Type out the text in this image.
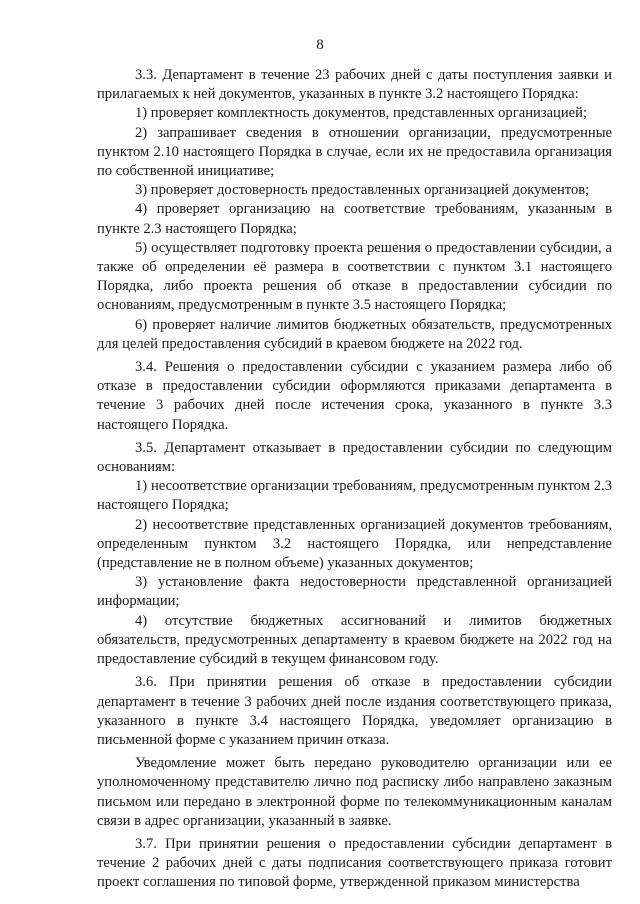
8

3.3. Департамент в течение 23 рабочих дней с даты поступления заявки и прилагаемых к ней документов, указанных в пункте 3.2 настоящего Порядка:

1) проверяет комплектность документов, представленных организацией;

2) запрашивает сведения в отношении организации, предусмотренные пунктом 2.10 настоящего Порядка в случае, если их не предоставила организация по собственной инициативе;

3) проверяет достоверность предоставленных организацией документов;

4) проверяет организацию на соответствие требованиям, указанным в пункте 2.3 настоящего Порядка;

5) осуществляет подготовку проекта решения о предоставлении субсидии, а также об определении её размера в соответствии с пунктом 3.1 настоящего Порядка, либо проекта решения об отказе в предоставлении субсидии по основаниям, предусмотренным в пункте 3.5 настоящего Порядка;

6) проверяет наличие лимитов бюджетных обязательств, предусмотренных для целей предоставления субсидий в краевом бюджете на 2022 год.

3.4. Решения о предоставлении субсидии с указанием размера либо об отказе в предоставлении субсидии оформляются приказами департамента в течение 3 рабочих дней после истечения срока, указанного в пункте 3.3 настоящего Порядка.

3.5. Департамент отказывает в предоставлении субсидии по следующим основаниям:

1) несоответствие организации требованиям, предусмотренным пунктом 2.3 настоящего Порядка;

2) несоответствие представленных организацией документов требованиям, определенным пунктом 3.2 настоящего Порядка, или непредставление (представление не в полном объеме) указанных документов;

3) установление факта недостоверности представленной организацией информации;

4) отсутствие бюджетных ассигнований и лимитов бюджетных обязательств, предусмотренных департаменту в краевом бюджете на 2022 год на предоставление субсидий в текущем финансовом году.

3.6. При принятии решения об отказе в предоставлении субсидии департамент в течение 3 рабочих дней после издания соответствующего приказа, указанного в пункте 3.4 настоящего Порядка, уведомляет организацию в письменной форме с указанием причин отказа.

Уведомление может быть передано руководителю организации или ее уполномоченному представителю лично под расписку либо направлено заказным письмом или передано в электронной форме по телекоммуникационным каналам связи в адрес организации, указанный в заявке.

3.7. При принятии решения о предоставлении субсидии департамент в течение 2 рабочих дней с даты подписания соответствующего приказа готовит проект соглашения по типовой форме, утвержденной приказом министерства
